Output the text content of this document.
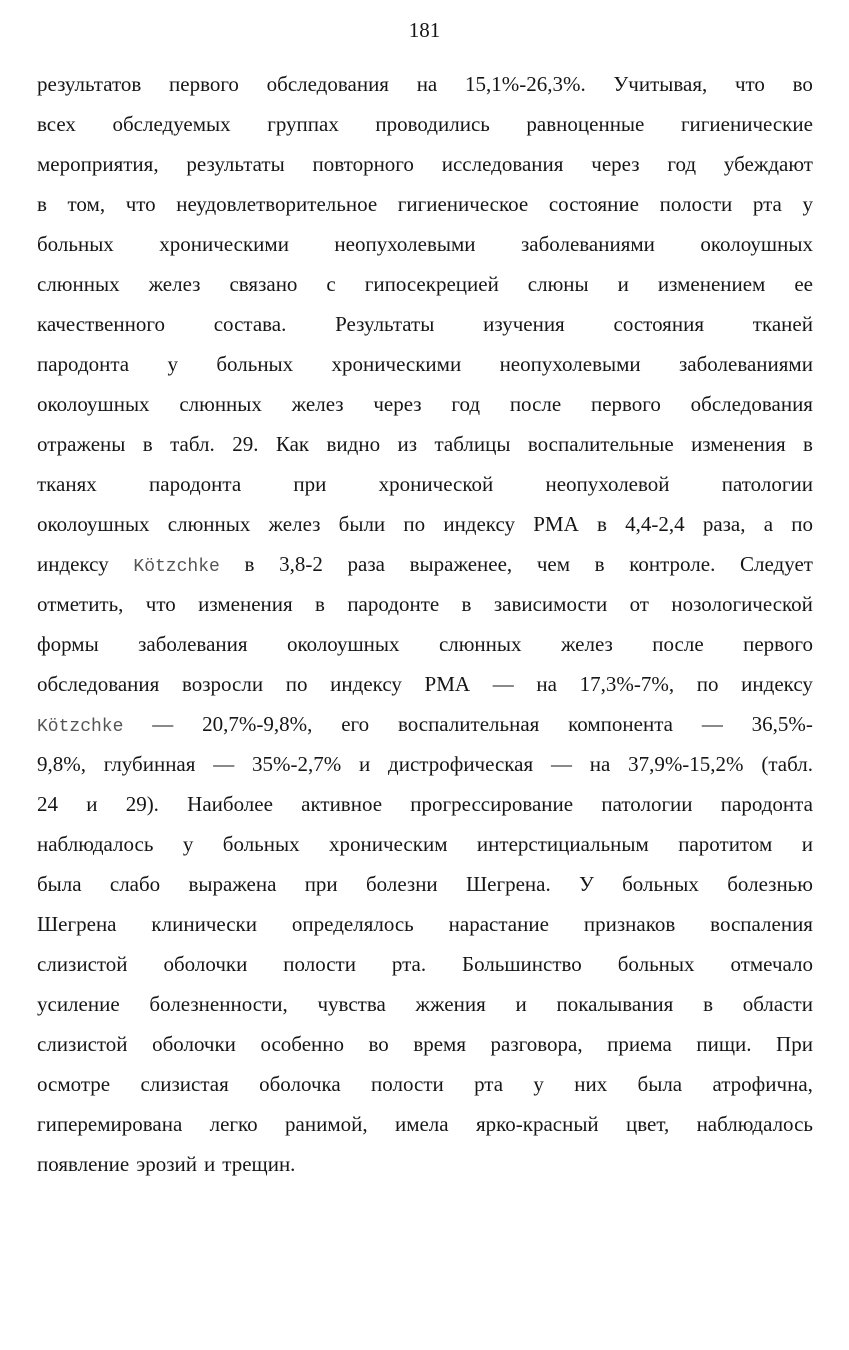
181
результатов первого обследования на 15,1%-26,3%. Учитывая, что во
всех обследуемых группах проводились равноценные гигиенические
мероприятия, результаты повторного исследования через год убеждают
в том, что неудовлетворительное гигиеническое состояние полости рта у
больных хроническими неопухолевыми заболеваниями околоушных
слюнных желез связано с гипосекрецией слюны и изменением ее
качественного состава. Результаты изучения состояния тканей
пародонта у больных хроническими неопухолевыми заболеваниями
околоушных слюнных желез через год после первого обследования
отражены в табл. 29. Как видно из таблицы воспалительные изменения в
тканях пародонта при хронической неопухолевой патологии
околоушных слюнных желез были по индексу РМА в 4,4-2,4 раза, а по
индексу Kötzchke в 3,8-2 раза выраженее, чем в контроле. Следует
отметить, что изменения в пародонте в зависимости от нозологической
формы заболевания околоушных слюнных желез после первого
обследования возросли по индексу РМА — на 17,3%-7%, по индексу
Kötzchke — 20,7%-9,8%, его воспалительная компонента — 36,5%-
9,8%, глубинная — 35%-2,7% и дистрофическая — на 37,9%-15,2% (табл.
24 и 29). Наиболее активное прогрессирование патологии пародонта
наблюдалось у больных хроническим интерстициальным паротитом и
была слабо выражена при болезни Шегрена. У больных болезнью
Шегрена клинически определялось нарастание признаков воспаления
слизистой оболочки полости рта. Большинство больных отмечало
усиление болезненности, чувства жжения и покалывания в области
слизистой оболочки особенно во время разговора, приема пищи. При
осмотре слизистая оболочка полости рта у них была атрофична,
гиперемирована легко ранимой, имела ярко-красный цвет, наблюдалось
появление эрозий и трещин.
